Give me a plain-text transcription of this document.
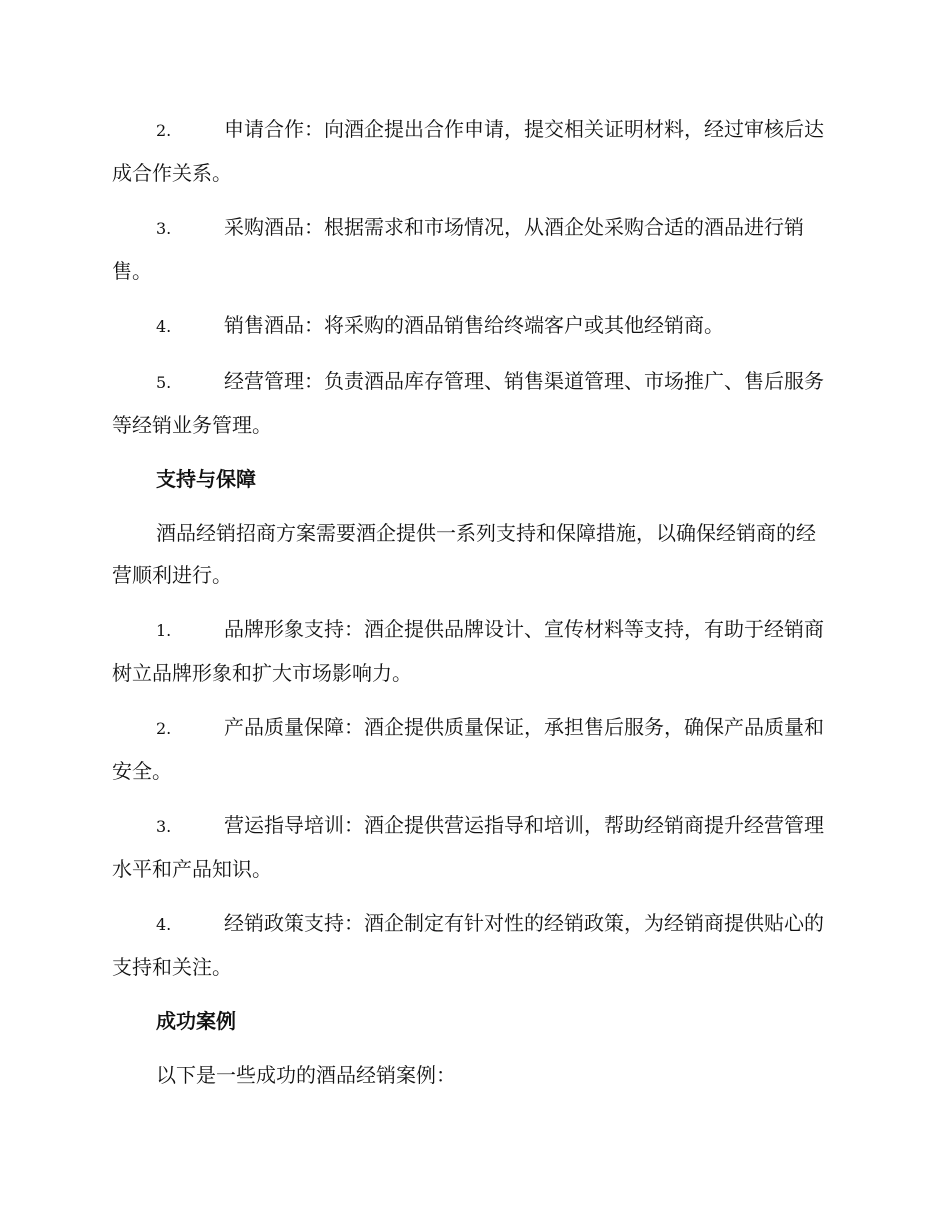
2.	申请合作：向酒企提出合作申请，提交相关证明材料，经过审核后达成合作关系。
3.	采购酒品：根据需求和市场情况，从酒企处采购合适的酒品进行销售。
4.	销售酒品：将采购的酒品销售给终端客户或其他经销商。
5.	经营管理：负责酒品库存管理、销售渠道管理、市场推广、售后服务等经销业务管理。
支持与保障
酒品经销招商方案需要酒企提供一系列支持和保障措施，以确保经销商的经营顺利进行。
1.	品牌形象支持：酒企提供品牌设计、宣传材料等支持，有助于经销商树立品牌形象和扩大市场影响力。
2.	产品质量保障：酒企提供质量保证，承担售后服务，确保产品质量和安全。
3.	营运指导培训：酒企提供营运指导和培训，帮助经销商提升经营管理水平和产品知识。
4.	经销政策支持：酒企制定有针对性的经销政策，为经销商提供贴心的支持和关注。
成功案例
以下是一些成功的酒品经销案例：
